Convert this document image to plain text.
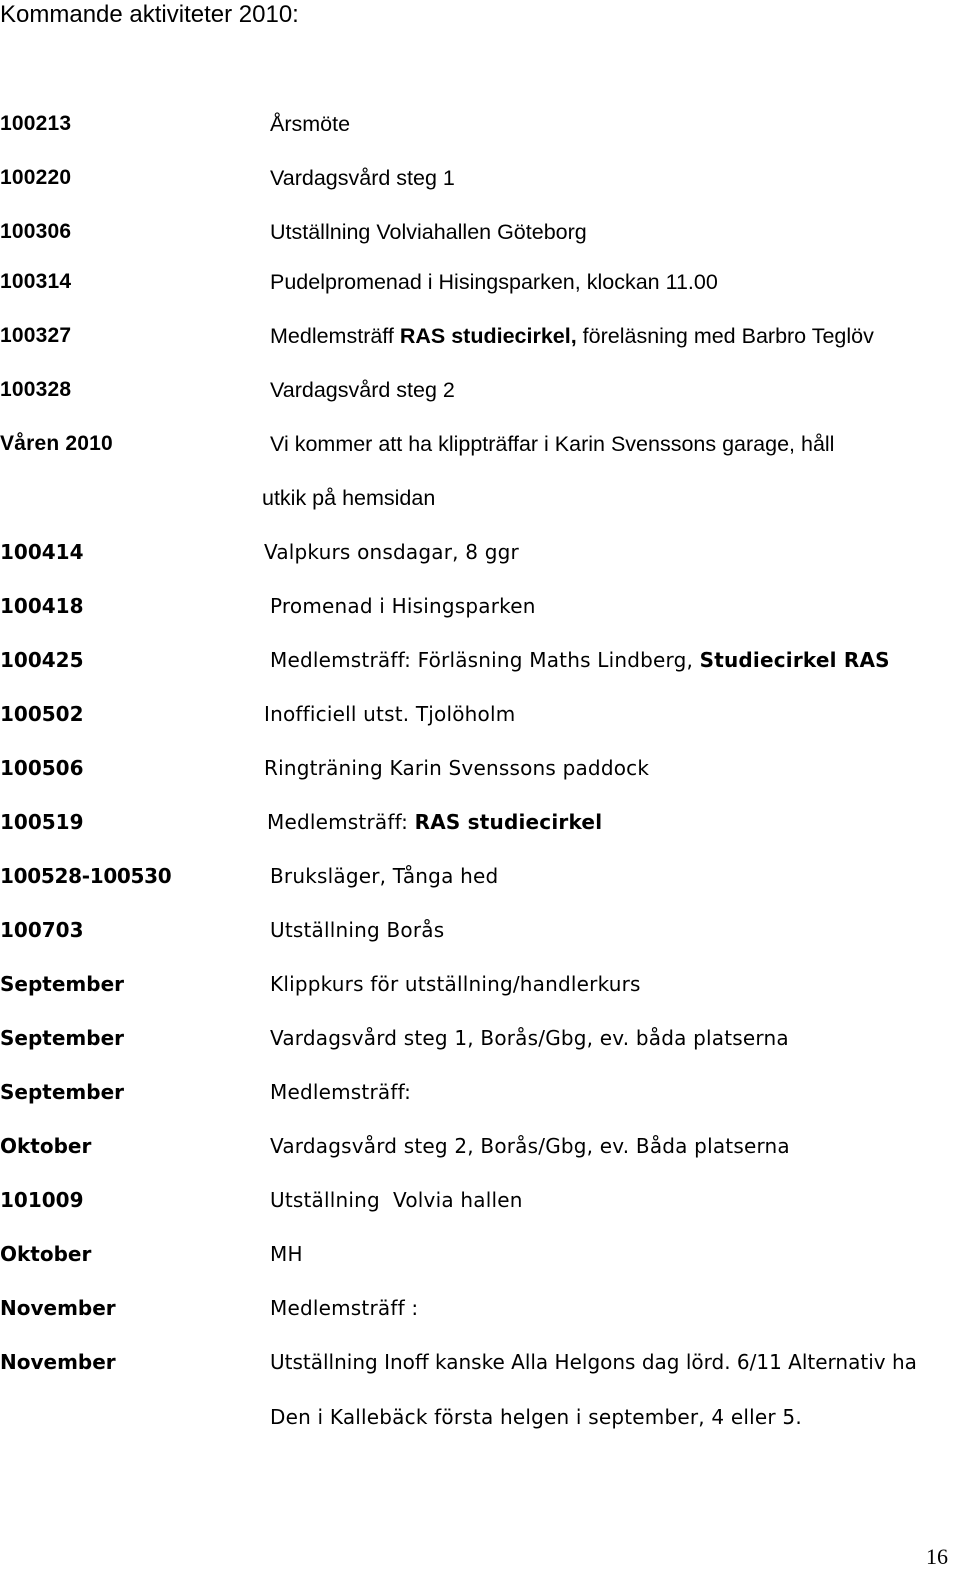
Kommande aktiviteter 2010:
100213	Årsmöte
100220	Vardagsvård steg 1
100306	Utställning Volviahallen Göteborg
100314	Pudelpromenad i Hisingsparken, klockan 11.00
100327	Medlemsträff RAS studiecirkel, föreläsning med Barbro Teglöv
100328	Vardagsvård steg 2
Våren 2010	Vi kommer att ha klippträffar i Karin Svenssons garage, håll
utkik på hemsidan
100414	Valpkurs onsdagar, 8 ggr
100418	Promenad i Hisingsparken
100425	Medlemsträff: Förläsning Maths Lindberg, Studiecirkel RAS
100502	Inofficiell utst. Tjolöholm
100506	Ringträning Karin Svenssons paddock
100519	Medlemsträff: RAS studiecirkel
100528-100530	Bruksläger, Tånga hed
100703	Utställning Borås
September	Klippkurs för utställning/handlerkurs
September	Vardagsvård steg 1, Borås/Gbg, ev. båda platserna
September	Medlemsträff:
Oktober	Vardagsvård steg 2, Borås/Gbg, ev. Båda platserna
101009	Utställning  Volvia hallen
Oktober	MH
November	Medlemsträff :
November	Utställning Inoff kanske Alla Helgons dag lörd. 6/11 Alternativ ha
Den i Kallebäck första helgen i september, 4 eller 5.
16
